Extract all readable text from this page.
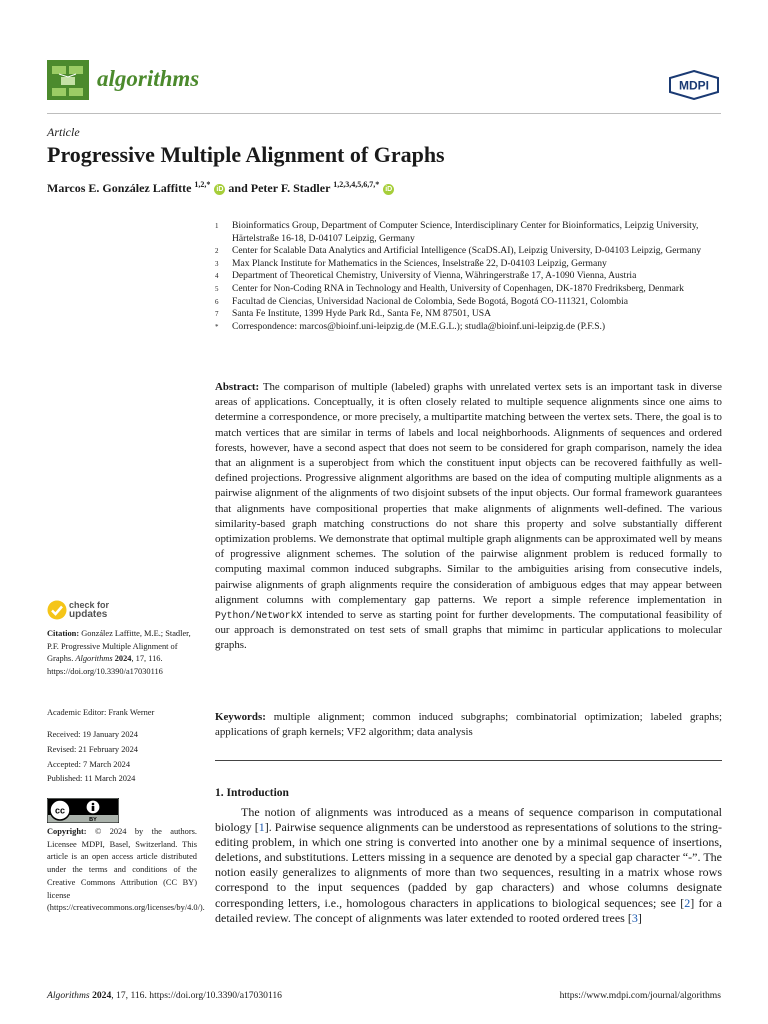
algorithms	MDPI
Article
Progressive Multiple Alignment of Graphs
Marcos E. González Laffitte $^{1,2,*}$ iD and Peter F. Stadler $^{1,2,3,4,5,6,7,*}$ iD
1	Bioinformatics Group, Department of Computer Science, Interdisciplinary Center for Bioinformatics, Leipzig University, Härtelstraße 16-18, D-04107 Leipzig, Germany
2	Center for Scalable Data Analytics and Artificial Intelligence (ScaDS.AI), Leipzig University, D-04103 Leipzig, Germany
3	Max Planck Institute for Mathematics in the Sciences, Inselstraße 22, D-04103 Leipzig, Germany
4	Department of Theoretical Chemistry, University of Vienna, Währingerstraße 17, A-1090 Vienna, Austria
5	Center for Non-Coding RNA in Technology and Health, University of Copenhagen, DK-1870 Fredriksberg, Denmark
6	Facultad de Ciencias, Universidad Nacional de Colombia, Sede Bogotá, Bogotá CO-111321, Colombia
7	Santa Fe Institute, 1399 Hyde Park Rd., Santa Fe, NM 87501, USA
*	Correspondence: marcos@bioinf.uni-leipzig.de (M.E.G.L.); studla@bioinf.uni-leipzig.de (P.F.S.)
Abstract: The comparison of multiple (labeled) graphs with unrelated vertex sets is an important task in diverse areas of applications. Conceptually, it is often closely related to multiple sequence alignments since one aims to determine a correspondence, or more precisely, a multipartite matching between the vertex sets. There, the goal is to match vertices that are similar in terms of labels and local neighborhoods. Alignments of sequences and ordered forests, however, have a second aspect that does not seem to be considered for graph comparison, namely the idea that an alignment is a superobject from which the constituent input objects can be recovered faithfully as well-defined projections. Progressive alignment algorithms are based on the idea of computing multiple alignments as a pairwise alignment of the alignments of two disjoint subsets of the input objects. Our formal framework guarantees that alignments have compositional properties that make alignments of alignments well-defined. The various similarity-based graph matching constructions do not share this property and solve substantially different optimization problems. We demonstrate that optimal multiple graph alignments can be approximated well by means of progressive alignment schemes. The solution of the pairwise alignment problem is reduced formally to computing maximal common induced subgraphs. Similar to the ambiguities arising from consecutive indels, pairwise alignments of graph alignments require the consideration of ambiguous edges that may appear between alignment columns with complementary gap patterns. We report a simple reference implementation in Python/NetworkX intended to serve as starting point for further developments. The computational feasibility of our approach is demonstrated on test sets of small graphs that mimimc in particular applications to molecular graphs.
Keywords: multiple alignment; common induced subgraphs; combinatorial optimization; labeled graphs; applications of graph kernels; VF2 algorithm; data analysis
1. Introduction
The notion of alignments was introduced as a means of sequence comparison in computational biology [1]. Pairwise sequence alignments can be understood as representations of solutions to the string-editing problem, in which one string is converted into another one by a minimal sequence of insertions, deletions, and substitutions. Letters missing in a sequence are denoted by a special gap character “-”. The notion easily generalizes to alignments of more than two sequences, resulting in a matrix whose rows correspond to the input sequences (padded by gap characters) and whose columns designate corresponding letters, i.e., homologous characters in applications to biological sequences; see [2] for a detailed review. The concept of alignments was later extended to rooted ordered trees [3]
check for
updates
Citation: González Laffitte, M.E.; Stadler, P.F. Progressive Multiple Alignment of Graphs. Algorithms 2024, 17, 116. https://doi.org/10.3390/a17030116
Academic Editor: Frank Werner
Received: 19 January 2024
Revised: 21 February 2024
Accepted: 7 March 2024
Published: 11 March 2024
cc
BY
Copyright: © 2024 by the authors. Licensee MDPI, Basel, Switzerland. This article is an open access article distributed under the terms and conditions of the Creative Commons Attribution (CC BY) license (https://creativecommons.org/licenses/by/4.0/).
Algorithms 2024, 17, 116. https://doi.org/10.3390/a17030116	https://www.mdpi.com/journal/algorithms
